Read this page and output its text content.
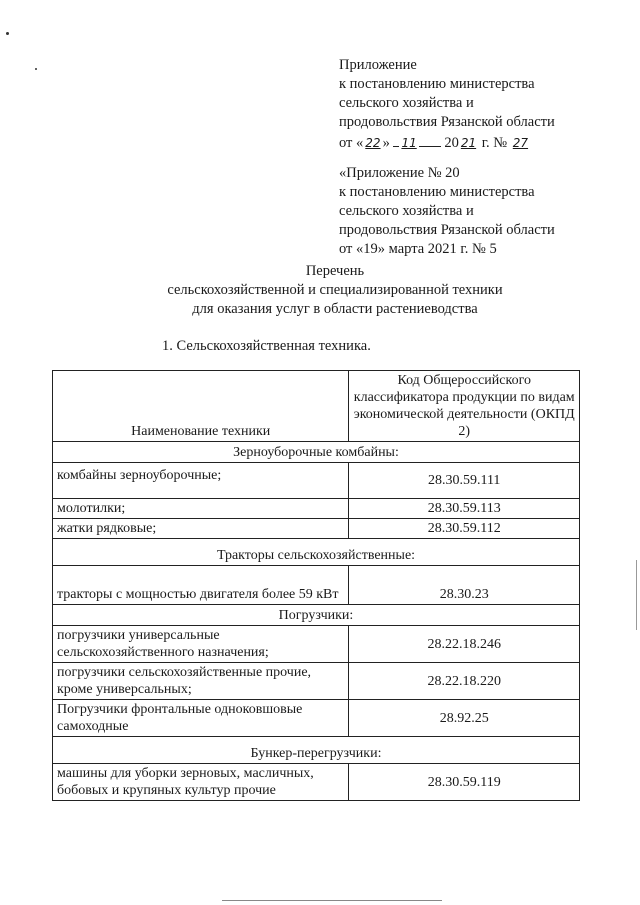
Приложение
к постановлению министерства
сельского хозяйства и
продовольствия Рязанской области
от « 22 » 11 20 21 г. № 27
«Приложение № 20
к постановлению министерства
сельского хозяйства и
продовольствия Рязанской области
от «19» марта 2021 г. № 5
Перечень
сельскохозяйственной и специализированной техники
для оказания услуг в области растениеводства
1. Сельскохозяйственная техника.
Наименование техники	Код Общероссийского классификатора продукции по видам экономической деятельности (ОКПД 2)
Зерноуборочные комбайны:	
комбайны зерноуборочные;	28.30.59.111
молотилки;	28.30.59.113
жатки рядковые;	28.30.59.112
Тракторы сельскохозяйственные:	
тракторы с мощностью двигателя более 59 кВт	28.30.23
Погрузчики:	
погрузчики универсальные сельскохозяйственного назначения;	28.22.18.246
погрузчики сельскохозяйственные прочие, кроме универсальных;	28.22.18.220
Погрузчики фронтальные одноковшовые самоходные	28.92.25
Бункер-перегрузчики:	
машины для уборки зерновых, масличных, бобовых и крупяных культур прочие	28.30.59.119
